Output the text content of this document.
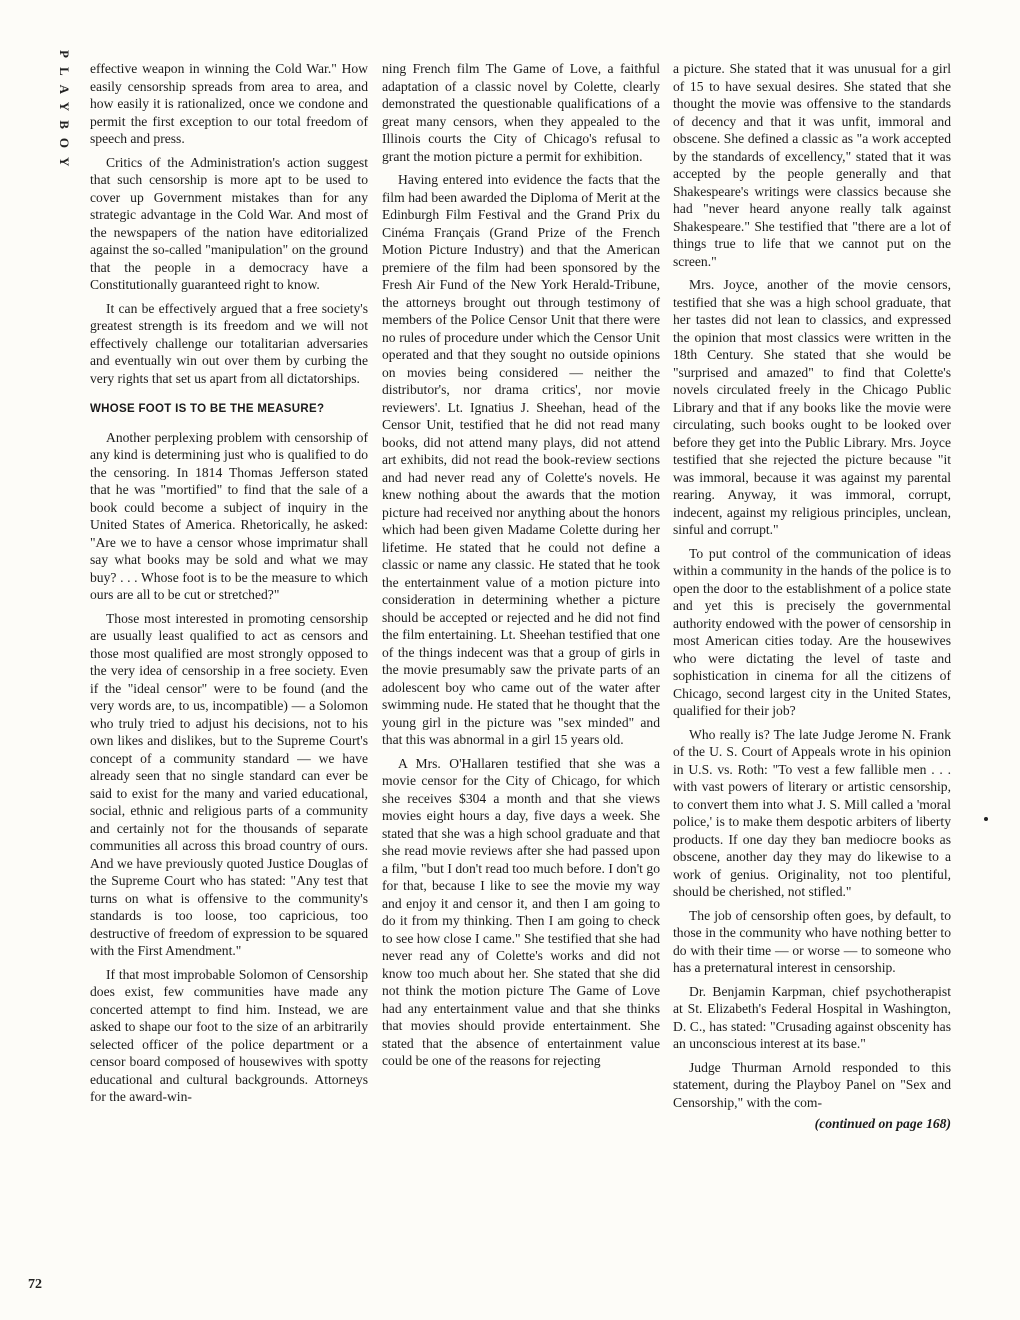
PLAYBOY
72

effective weapon in winning the Cold War." How easily censorship spreads from area to area, and how easily it is rationalized, once we condone and permit the first exception to our total freedom of speech and press.

Critics of the Administration's action suggest that such censorship is more apt to be used to cover up Government mistakes than for any strategic advantage in the Cold War. And most of the newspapers of the nation have editorialized against the so-called "manipulation" on the ground that the people in a democracy have a Constitutionally guaranteed right to know.

It can be effectively argued that a free society's greatest strength is its freedom and we will not effectively challenge our totalitarian adversaries and eventually win out over them by curbing the very rights that set us apart from all dictatorships.

WHOSE FOOT IS TO BE THE MEASURE?

Another perplexing problem with censorship of any kind is determining just who is qualified to do the censoring. In 1814 Thomas Jefferson stated that he was "mortified" to find that the sale of a book could become a subject of inquiry in the United States of America. Rhetorically, he asked: "Are we to have a censor whose imprimatur shall say what books may be sold and what we may buy? . . . Whose foot is to be the measure to which ours are all to be cut or stretched?"

Those most interested in promoting censorship are usually least qualified to act as censors and those most qualified are most strongly opposed to the very idea of censorship in a free society. Even if the "ideal censor" were to be found (and the very words are, to us, incompatible) — a Solomon who truly tried to adjust his decisions, not to his own likes and dislikes, but to the Supreme Court's concept of a community standard — we have already seen that no single standard can ever be said to exist for the many and varied educational, social, ethnic and religious parts of a community and certainly not for the thousands of separate communities all across this broad country of ours. And we have previously quoted Justice Douglas of the Supreme Court who has stated: "Any test that turns on what is offensive to the community's standards is too loose, too capricious, too destructive of freedom of expression to be squared with the First Amendment."

If that most improbable Solomon of Censorship does exist, few communities have made any concerted attempt to find him. Instead, we are asked to shape our foot to the size of an arbitrarily selected officer of the police department or a censor board composed of housewives with spotty educational and cultural backgrounds. Attorneys for the award-win-

ning French film The Game of Love, a faithful adaptation of a classic novel by Colette, clearly demonstrated the questionable qualifications of a great many censors, when they appealed to the Illinois courts the City of Chicago's refusal to grant the motion picture a permit for exhibition.

Having entered into evidence the facts that the film had been awarded the Diploma of Merit at the Edinburgh Film Festival and the Grand Prix du Cinéma Français (Grand Prize of the French Motion Picture Industry) and that the American premiere of the film had been sponsored by the Fresh Air Fund of the New York Herald-Tribune, the attorneys brought out through testimony of members of the Police Censor Unit that there were no rules of procedure under which the Censor Unit operated and that they sought no outside opinions on movies being considered — neither the distributor's, nor drama critics', nor movie reviewers'. Lt. Ignatius J. Sheehan, head of the Censor Unit, testified that he did not read many books, did not attend many plays, did not attend art exhibits, did not read the book-review sections and had never read any of Colette's novels. He knew nothing about the awards that the motion picture had received nor anything about the honors which had been given Madame Colette during her lifetime. He stated that he could not define a classic or name any classic. He stated that he took the entertainment value of a motion picture into consideration in determining whether a picture should be accepted or rejected and he did not find the film entertaining. Lt. Sheehan testified that one of the things indecent was that a group of girls in the movie presumably saw the private parts of an adolescent boy who came out of the water after swimming nude. He stated that he thought that the young girl in the picture was "sex minded" and that this was abnormal in a girl 15 years old.

A Mrs. O'Hallaren testified that she was a movie censor for the City of Chicago, for which she receives $304 a month and that she views movies eight hours a day, five days a week. She stated that she was a high school graduate and that she read movie reviews after she had passed upon a film, "but I don't read too much before. I don't go for that, because I like to see the movie my way and enjoy it and censor it, and then I am going to do it from my thinking. Then I am going to check to see how close I came." She testified that she had never read any of Colette's works and did not know too much about her. She stated that she did not think the motion picture The Game of Love had any entertainment value and that she thinks that movies should provide entertainment. She stated that the absence of entertainment value could be one of the reasons for rejecting

a picture. She stated that it was unusual for a girl of 15 to have sexual desires. She stated that she thought the movie was offensive to the standards of decency and that it was unfit, immoral and obscene. She defined a classic as "a work accepted by the standards of excellency," stated that it was accepted by the people generally and that Shakespeare's writings were classics because she had "never heard anyone really talk against Shakespeare." She testified that "there are a lot of things true to life that we cannot put on the screen."

Mrs. Joyce, another of the movie censors, testified that she was a high school graduate, that her tastes did not lean to classics, and expressed the opinion that most classics were written in the 18th Century. She stated that she would be "surprised and amazed" to find that Colette's novels circulated freely in the Chicago Public Library and that if any books like the movie were circulating, such books ought to be looked over before they get into the Public Library. Mrs. Joyce testified that she rejected the picture because "it was immoral, because it was against my parental rearing. Anyway, it was immoral, corrupt, indecent, against my religious principles, unclean, sinful and corrupt."

To put control of the communication of ideas within a community in the hands of the police is to open the door to the establishment of a police state and yet this is precisely the governmental authority endowed with the power of censorship in most American cities today. Are the housewives who were dictating the level of taste and sophistication in cinema for all the citizens of Chicago, second largest city in the United States, qualified for their job?

Who really is? The late Judge Jerome N. Frank of the U. S. Court of Appeals wrote in his opinion in U.S. vs. Roth: "To vest a few fallible men . . . with vast powers of literary or artistic censorship, to convert them into what J. S. Mill called a 'moral police,' is to make them despotic arbiters of liberty products. If one day they ban mediocre books as obscene, another day they may do likewise to a work of genius. Originality, not too plentiful, should be cherished, not stifled."

The job of censorship often goes, by default, to those in the community who have nothing better to do with their time — or worse — to someone who has a preternatural interest in censorship.

Dr. Benjamin Karpman, chief psychotherapist at St. Elizabeth's Federal Hospital in Washington, D. C., has stated: "Crusading against obscenity has an unconscious interest at its base."

Judge Thurman Arnold responded to this statement, during the Playboy Panel on "Sex and Censorship," with the com-

(continued on page 168)
